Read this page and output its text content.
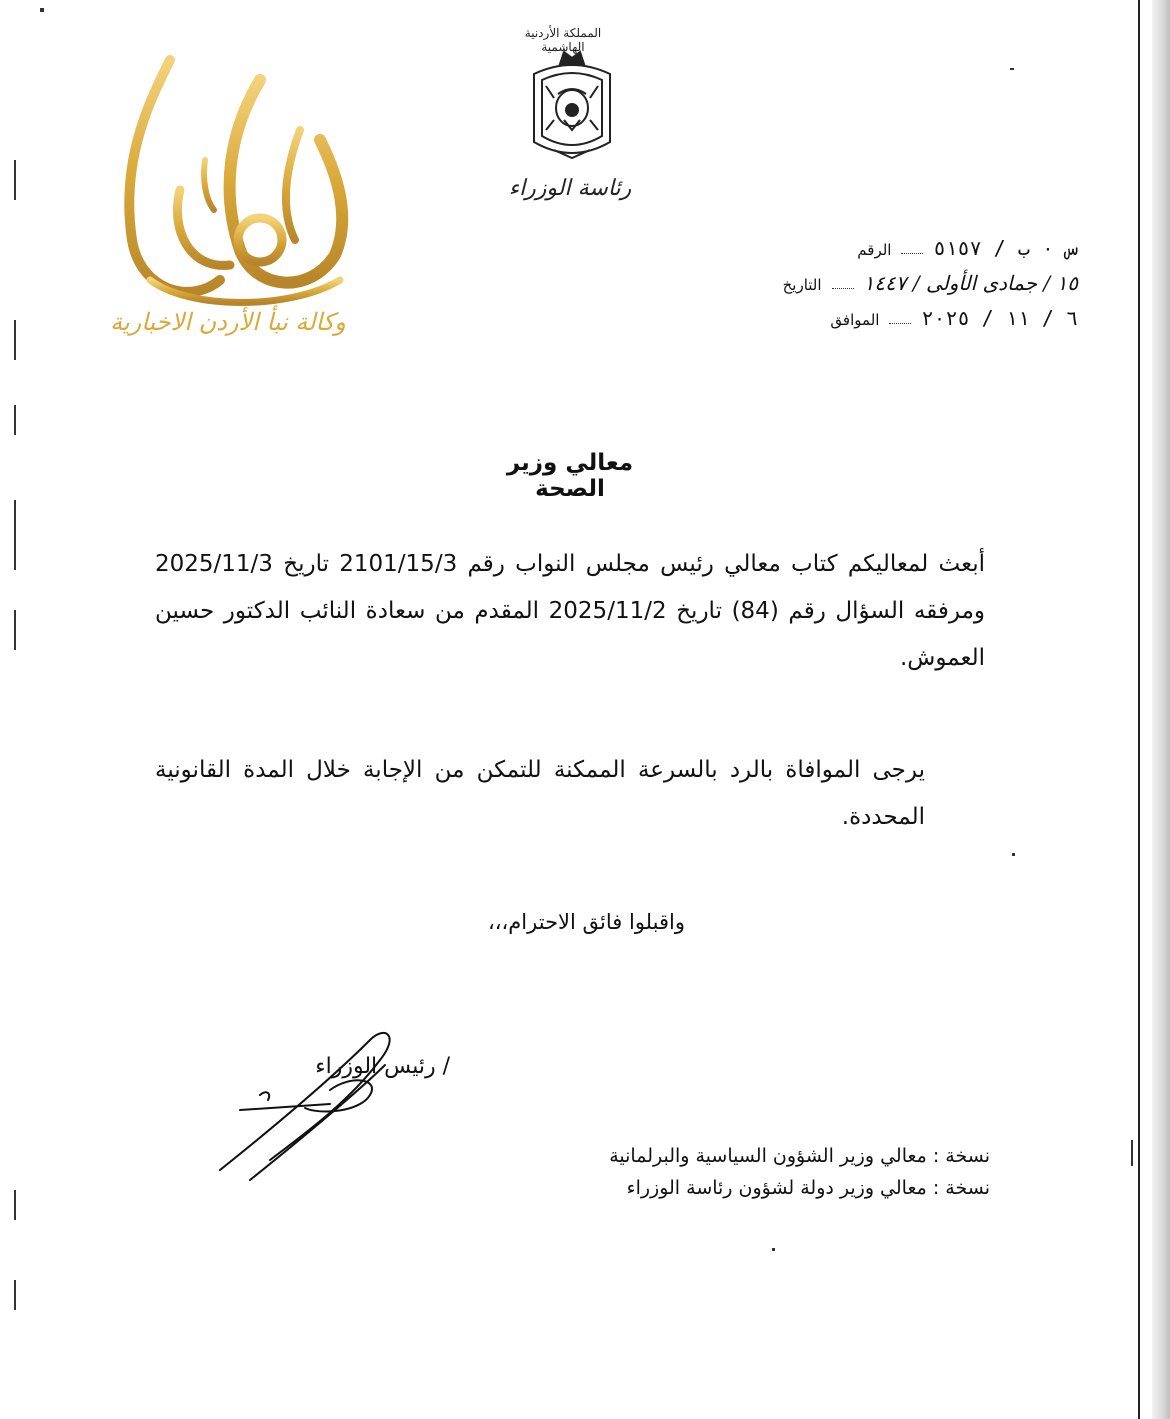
وكالة نبأ الأردن الاخبارية
المملكة الأردنية الهاشمية
رئاسة الوزراء
الرقم س ٠ ب / ٥١٥٧
التاريخ ١٥ / جمادى الأولى / ١٤٤٧
الموافق ٦ / ١١ / ٢٠٢٥
معالي وزير الصحة
أبعث لمعاليكم كتاب معالي رئيس مجلس النواب رقم 2101/15/3 تاريخ 2025/11/3 ومرفقه السؤال رقم (84) تاريخ 2025/11/2 المقدم من سعادة النائب الدكتور حسين العموش.
يرجى الموافاة بالرد بالسرعة الممكنة للتمكن من الإجابة خلال المدة القانونية المحددة.
واقبلوا فائق الاحترام،،،
/ رئيس الوزراء
نسخة : معالي وزير الشؤون السياسية والبرلمانية
نسخة : معالي وزير دولة لشؤون رئاسة الوزراء
